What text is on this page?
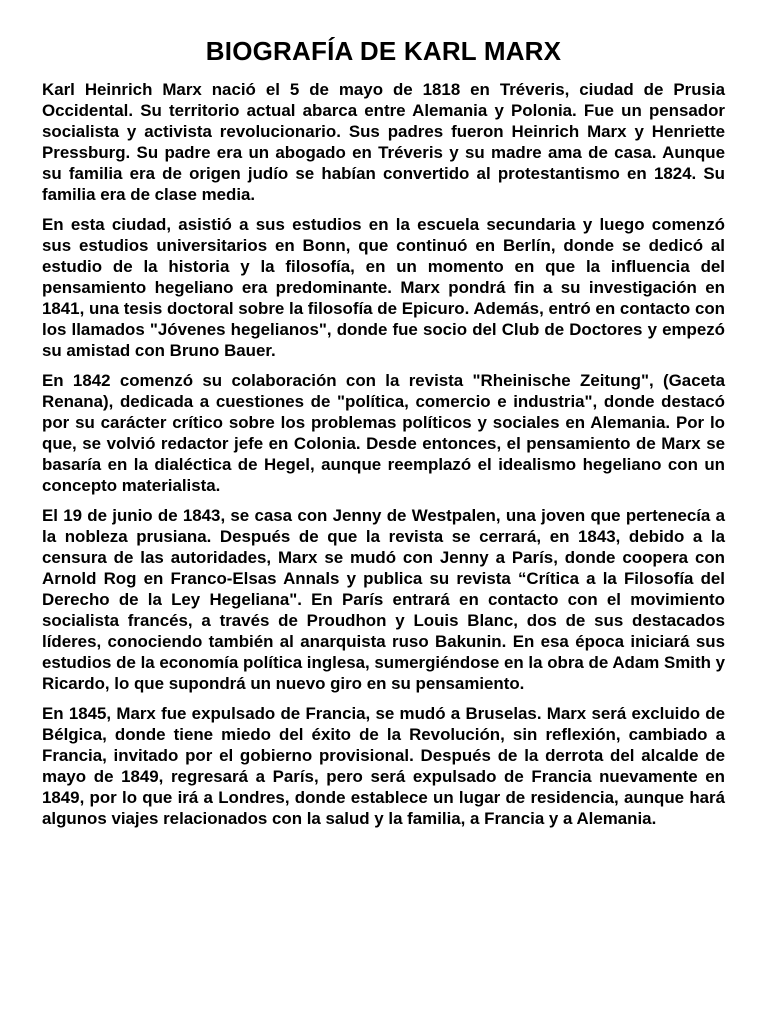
BIOGRAFÍA DE KARL MARX

Karl Heinrich Marx nació el 5 de mayo de 1818 en Tréveris, ciudad de Prusia Occidental. Su territorio actual abarca entre Alemania y Polonia. Fue un pensador socialista y activista revolucionario. Sus padres fueron Heinrich Marx y Henriette Pressburg. Su padre era un abogado en Tréveris y su madre ama de casa. Aunque su familia era de origen judío se habían convertido al protestantismo en 1824. Su familia era de clase media.

En esta ciudad, asistió a sus estudios en la escuela secundaria y luego comenzó sus estudios universitarios en Bonn, que continuó en Berlín, donde se dedicó al estudio de la historia y la filosofía, en un momento en que la influencia del pensamiento hegeliano era predominante. Marx pondrá fin a su investigación en 1841, una tesis doctoral sobre la filosofía de Epicuro. Además, entró en contacto con los llamados "Jóvenes hegelianos", donde fue socio del Club de Doctores y empezó su amistad con Bruno Bauer.

En 1842 comenzó su colaboración con la revista "Rheinische Zeitung", (Gaceta Renana), dedicada a cuestiones de "política, comercio e industria", donde destacó por su carácter crítico sobre los problemas políticos y sociales en Alemania. Por lo que, se volvió redactor jefe en Colonia. Desde entonces, el pensamiento de Marx se basaría en la dialéctica de Hegel, aunque reemplazó el idealismo hegeliano con un concepto materialista.

El 19 de junio de 1843, se casa con Jenny de Westpalen, una joven que pertenecía a la nobleza prusiana. Después de que la revista se cerrará, en 1843, debido a la censura de las autoridades, Marx se mudó con Jenny a París, donde coopera con Arnold Rog en Franco-Elsas Annals y publica su revista “Crítica a la Filosofía del Derecho de la Ley Hegeliana". En París entrará en contacto con el movimiento socialista francés, a través de Proudhon y Louis Blanc, dos de sus destacados líderes, conociendo también al anarquista ruso Bakunin. En esa época iniciará sus estudios de la economía política inglesa, sumergiéndose en la obra de Adam Smith y Ricardo, lo que supondrá un nuevo giro en su pensamiento.

En 1845, Marx fue expulsado de Francia, se mudó a Bruselas. Marx será excluido de Bélgica, donde tiene miedo del éxito de la Revolución, sin reflexión, cambiado a Francia, invitado por el gobierno provisional. Después de la derrota del alcalde de mayo de 1849, regresará a París, pero será expulsado de Francia nuevamente en 1849, por lo que irá a Londres, donde establece un lugar de residencia, aunque hará algunos viajes relacionados con la salud y la familia, a Francia y a Alemania.
